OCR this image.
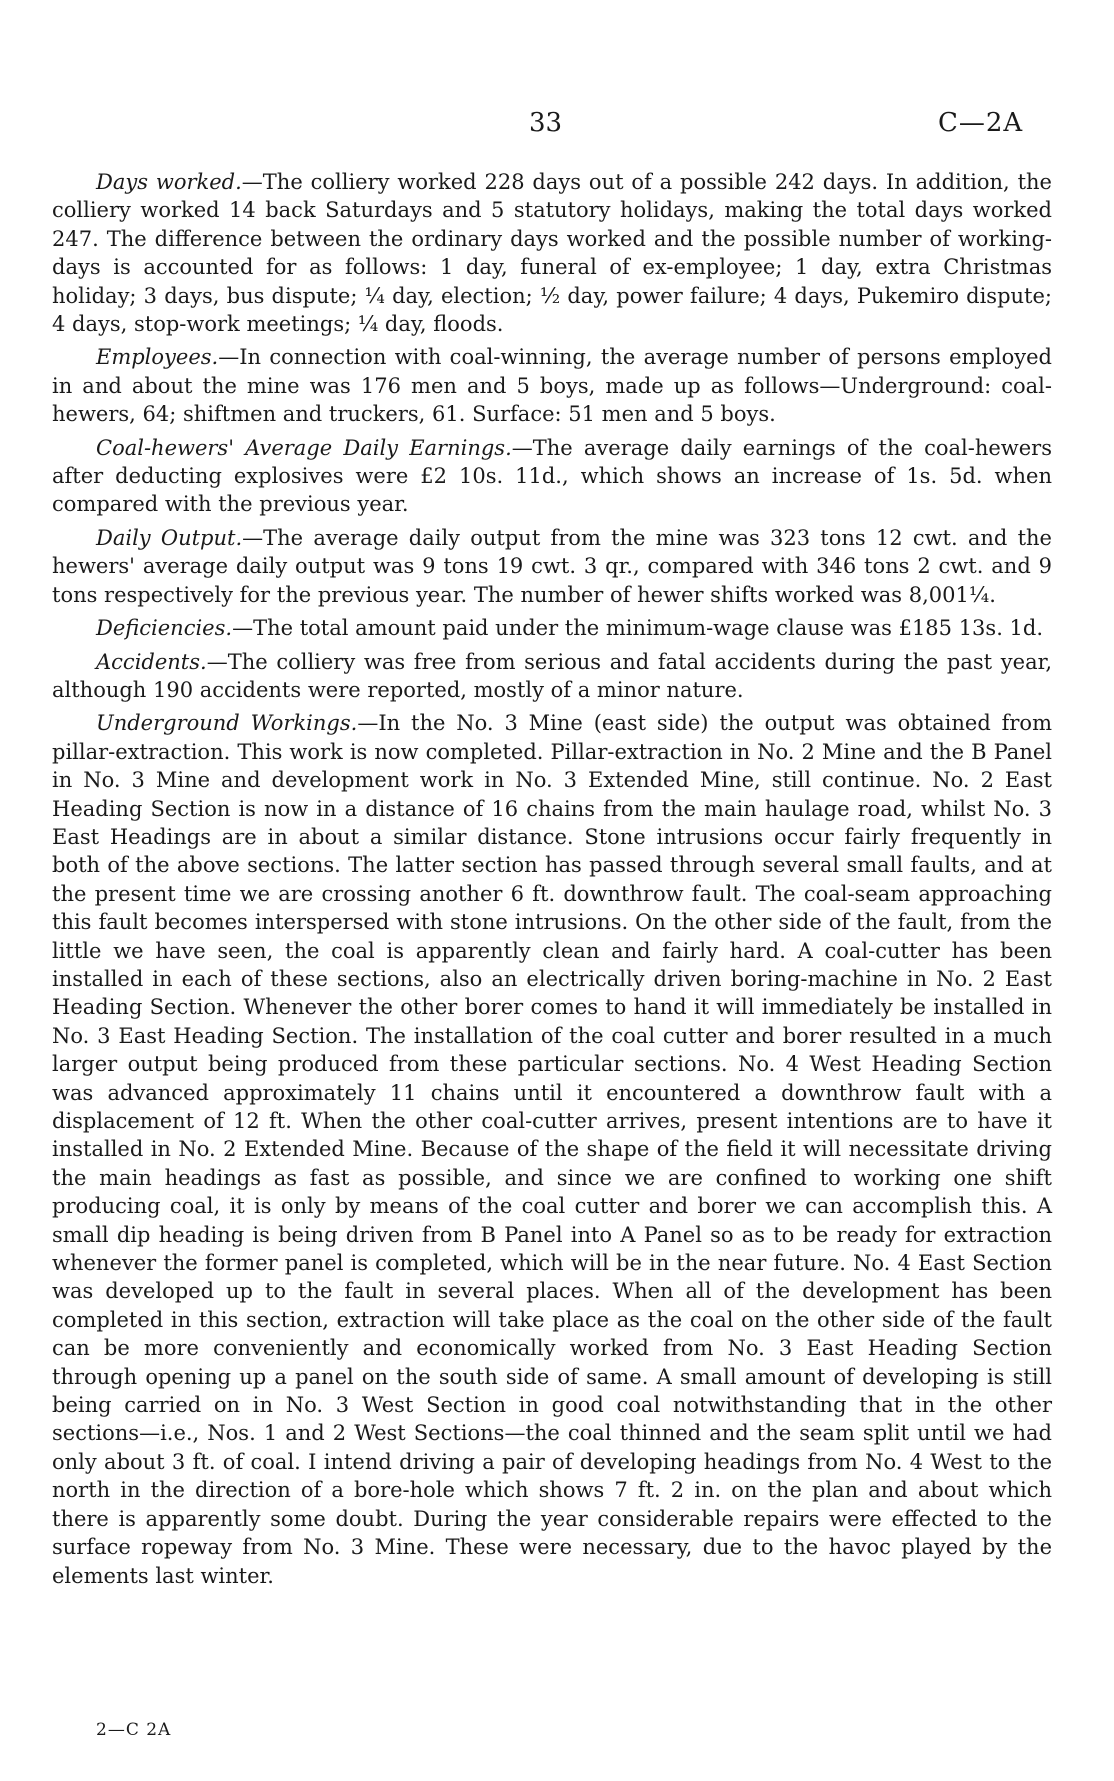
33	C—2A

Days worked.—The colliery worked 228 days out of a possible 242 days. In addition, the colliery worked 14 back Saturdays and 5 statutory holidays, making the total days worked 247. The difference between the ordinary days worked and the possible number of working-days is accounted for as follows: 1 day, funeral of ex-employee; 1 day, extra Christmas holiday; 3 days, bus dispute; ¼ day, election; ½ day, power failure; 4 days, Pukemiro dispute; 4 days, stop-work meetings; ¼ day, floods.

Employees.—In connection with coal-winning, the average number of persons employed in and about the mine was 176 men and 5 boys, made up as follows—Underground: coal-hewers, 64; shiftmen and truckers, 61. Surface: 51 men and 5 boys.

Coal-hewers' Average Daily Earnings.—The average daily earnings of the coal-hewers after deducting explosives were £2 10s. 11d., which shows an increase of 1s. 5d. when compared with the previous year.

Daily Output.—The average daily output from the mine was 323 tons 12 cwt. and the hewers' average daily output was 9 tons 19 cwt. 3 qr., compared with 346 tons 2 cwt. and 9 tons respectively for the previous year. The number of hewer shifts worked was 8,001¼.

Deficiencies.—The total amount paid under the minimum-wage clause was £185 13s. 1d.

Accidents.—The colliery was free from serious and fatal accidents during the past year, although 190 accidents were reported, mostly of a minor nature.

Underground Workings.—In the No. 3 Mine (east side) the output was obtained from pillar-extraction. This work is now completed. Pillar-extraction in No. 2 Mine and the B Panel in No. 3 Mine and development work in No. 3 Extended Mine, still continue. No. 2 East Heading Section is now in a distance of 16 chains from the main haulage road, whilst No. 3 East Headings are in about a similar distance. Stone intrusions occur fairly frequently in both of the above sections. The latter section has passed through several small faults, and at the present time we are crossing another 6 ft. downthrow fault. The coal-seam approaching this fault becomes interspersed with stone intrusions. On the other side of the fault, from the little we have seen, the coal is apparently clean and fairly hard. A coal-cutter has been installed in each of these sections, also an electrically driven boring-machine in No. 2 East Heading Section. Whenever the other borer comes to hand it will immediately be installed in No. 3 East Heading Section. The installation of the coal cutter and borer resulted in a much larger output being produced from these particular sections. No. 4 West Heading Section was advanced approximately 11 chains until it encountered a downthrow fault with a displacement of 12 ft. When the other coal-cutter arrives, present intentions are to have it installed in No. 2 Extended Mine. Because of the shape of the field it will necessitate driving the main headings as fast as possible, and since we are confined to working one shift producing coal, it is only by means of the coal cutter and borer we can accomplish this. A small dip heading is being driven from B Panel into A Panel so as to be ready for extraction whenever the former panel is completed, which will be in the near future. No. 4 East Section was developed up to the fault in several places. When all of the development has been completed in this section, extraction will take place as the coal on the other side of the fault can be more conveniently and economically worked from No. 3 East Heading Section through opening up a panel on the south side of same. A small amount of developing is still being carried on in No. 3 West Section in good coal notwithstanding that in the other sections—i.e., Nos. 1 and 2 West Sections—the coal thinned and the seam split until we had only about 3 ft. of coal. I intend driving a pair of developing headings from No. 4 West to the north in the direction of a bore-hole which shows 7 ft. 2 in. on the plan and about which there is apparently some doubt. During the year considerable repairs were effected to the surface ropeway from No. 3 Mine. These were necessary, due to the havoc played by the elements last winter.

2—C 2A
